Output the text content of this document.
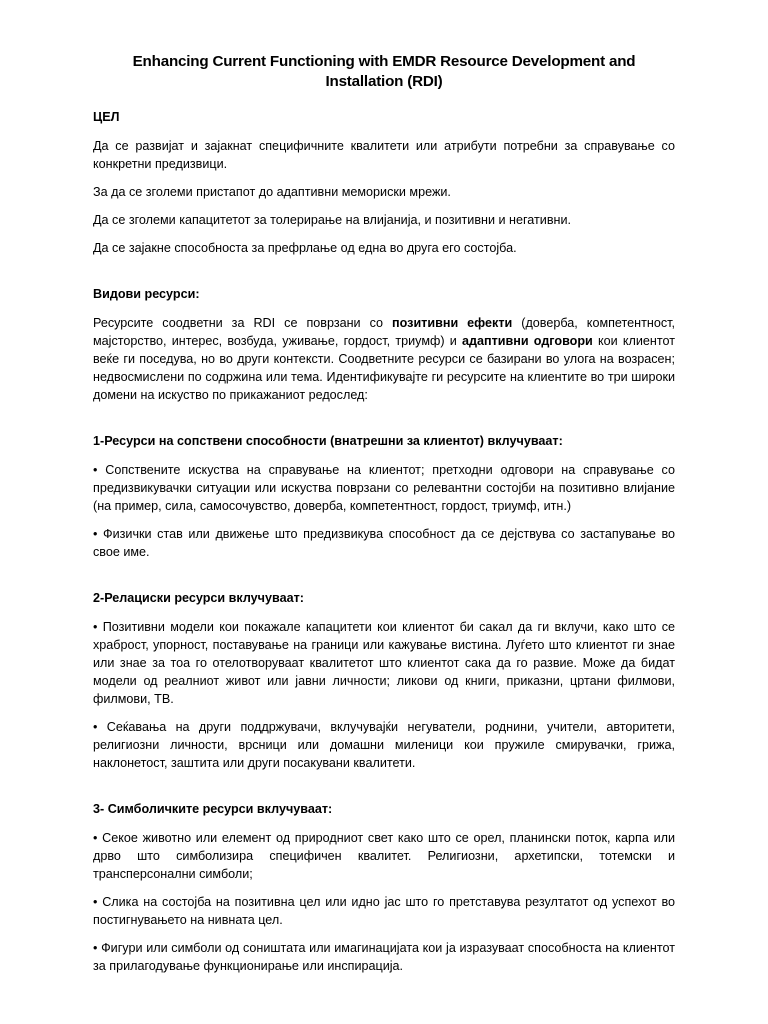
Enhancing Current Functioning with EMDR Resource Development and Installation (RDI)
ЦЕЛ

Да се развијат и зајакнат специфичните квалитети или атрибути потребни за справување со конкретни предизвици.

За да се зголеми пристапот до адаптивни мемориски мрежи.

Да се зголеми капацитетот за толерирање на влијанија, и позитивни и негативни.

Да се зајакне способноста за префрлање од една во друга его состојба.

Видови ресурси:

Ресурсите соодветни за RDI се поврзани со позитивни ефекти (доверба, компетентност, мајсторство, интерес, возбуда, уживање, гордост, триумф) и адаптивни одговори кои клиентот веќе ги поседува, но во други контексти. Соодветните ресурси се базирани во улога на возрасен; недвосмислени по содржина или тема. Идентификувајте ги ресурсите на клиентите во три широки домени на искуство по прикажаниот редослед:

1-Ресурси на сопствени способности (внатрешни за клиентот) вклучуваат:

• Сопствените искуства на справување на клиентот; претходни одговори на справување со предизвикувачки ситуации или искуства поврзани со релевантни состојби на позитивно влијание (на пример, сила, самосочувство, доверба, компетентност, гордост, триумф, итн.)

• Физички став или движење што предизвикува способност да се дејствува со застапување во свое име.

2-Релациски ресурси вклучуваат:

• Позитивни модели кои покажале капацитети кои клиентот би сакал да ги вклучи, како што се храброст, упорност, поставување на граници или кажување вистина. Луѓето што клиентот ги знае или знае за тоа го отелотворуваат квалитетот што клиентот сака да го развие. Може да бидат модели од реалниот живот или јавни личности; ликови од книги, приказни, цртани филмови, филмови, ТВ.

• Сеќавања на други поддржувачи, вклучувајќи негуватели, роднини, учители, авторитети, религиозни личности, врсници или домашни миленици кои пружиле смирувачки, грижа, наклонетост, заштита или други посакувани квалитети.

3- Симболичките ресурси вклучуваат:

• Секое животно или елемент од природниот свет како што се орел, планински поток, карпа или дрво што симболизира специфичен квалитет. Религиозни, архетипски, тотемски и трансперсонални симболи;

• Слика на состојба на позитивна цел или идно јас што го претставува резултатот од успехот во постигнувањето на нивната цел.

• Фигури или симболи од соништата или имагинацијата кои ја изразуваат способноста на клиентот за прилагодување функционирање или инспирација.
